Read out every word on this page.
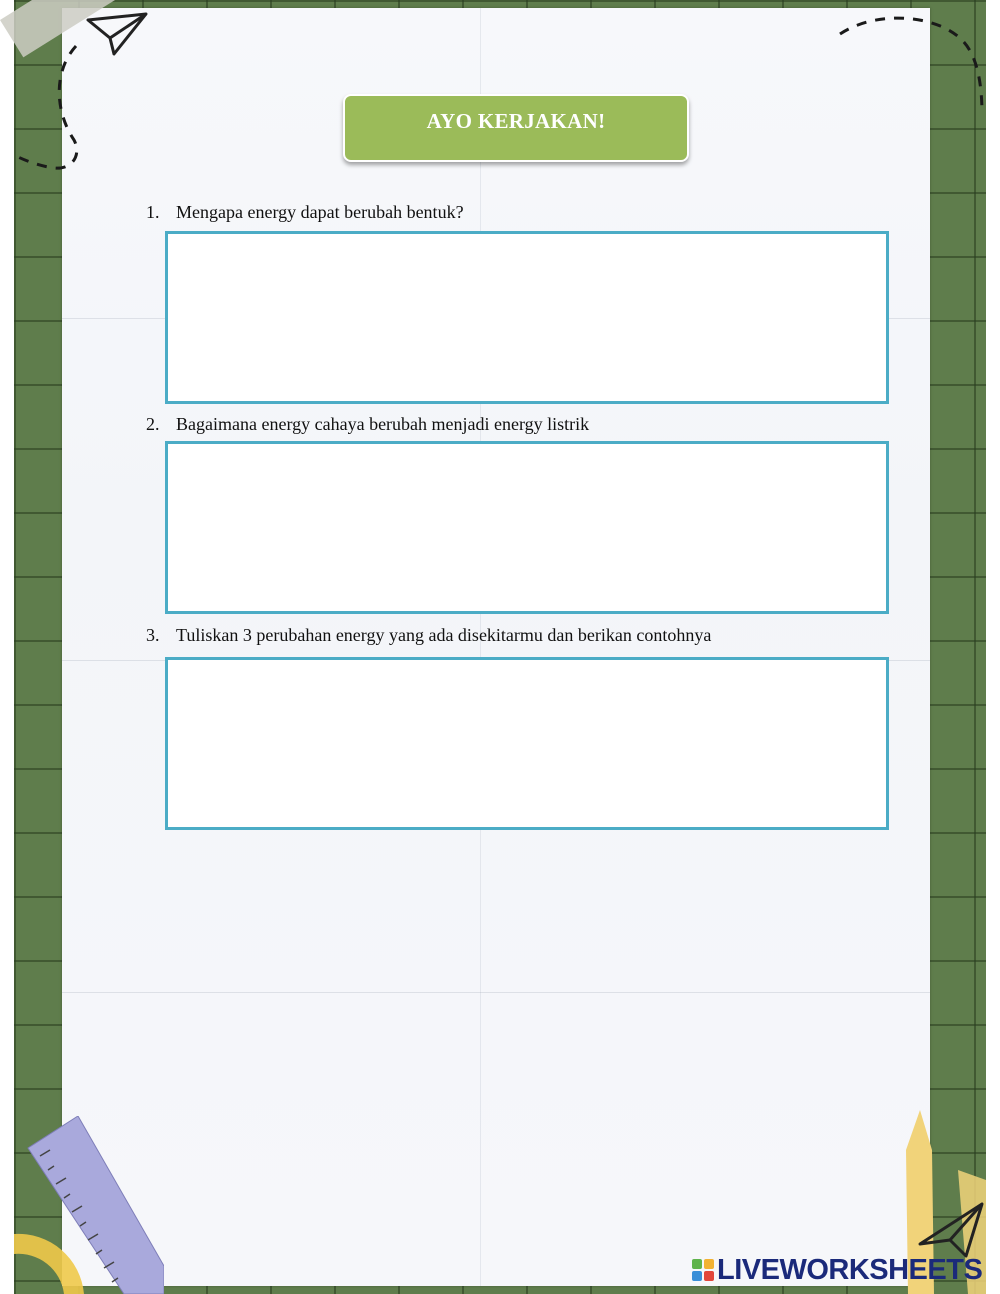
AYO KERJAKAN!
1. Mengapa energy dapat berubah bentuk?
2. Bagaimana energy cahaya berubah menjadi energy listrik
3. Tuliskan 3 perubahan energy yang ada disekitarmu dan berikan contohnya
LIVEWORKSHEETS
